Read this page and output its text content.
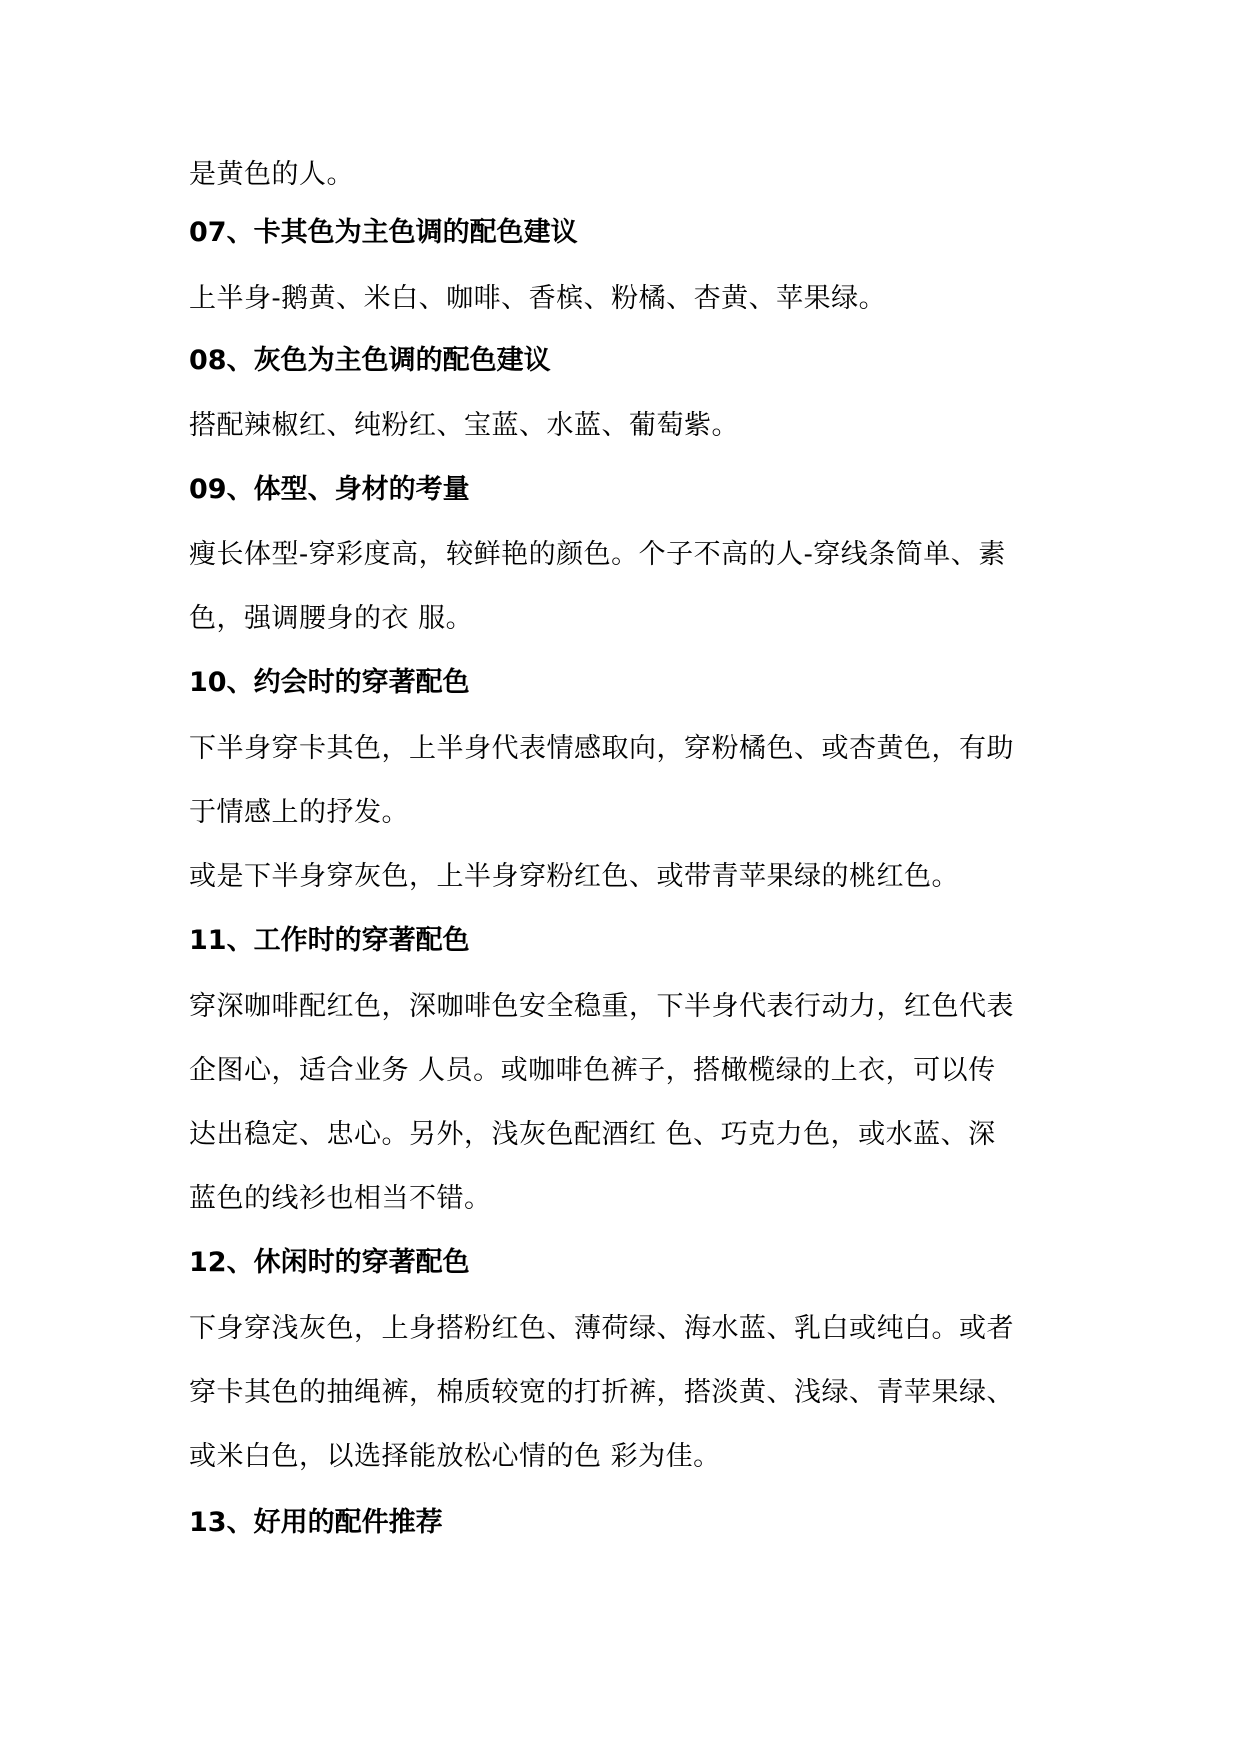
是黄色的人。
07、卡其色为主色调的配色建议
上半身-鹅黄、米白、咖啡、香槟、粉橘、杏黄、苹果绿。
08、灰色为主色调的配色建议
搭配辣椒红、纯粉红、宝蓝、水蓝、葡萄紫。
09、体型、身材的考量
瘦长体型-穿彩度高，较鲜艳的颜色。个子不高的人-穿线条简单、素
色，强调腰身的衣 服。
10、约会时的穿著配色
下半身穿卡其色，上半身代表情感取向，穿粉橘色、或杏黄色，有助
于情感上的抒发。
或是下半身穿灰色，上半身穿粉红色、或带青苹果绿的桃红色。
11、工作时的穿著配色
穿深咖啡配红色，深咖啡色安全稳重，下半身代表行动力，红色代表
企图心，适合业务 人员。或咖啡色裤子，搭橄榄绿的上衣，可以传
达出稳定、忠心。另外，浅灰色配酒红 色、巧克力色，或水蓝、深
蓝色的线衫也相当不错。
12、休闲时的穿著配色
下身穿浅灰色，上身搭粉红色、薄荷绿、海水蓝、乳白或纯白。或者
穿卡其色的抽绳裤，棉质较宽的打折裤，搭淡黄、浅绿、青苹果绿、
或米白色，以选择能放松心情的色 彩为佳。
13、好用的配件推荐
